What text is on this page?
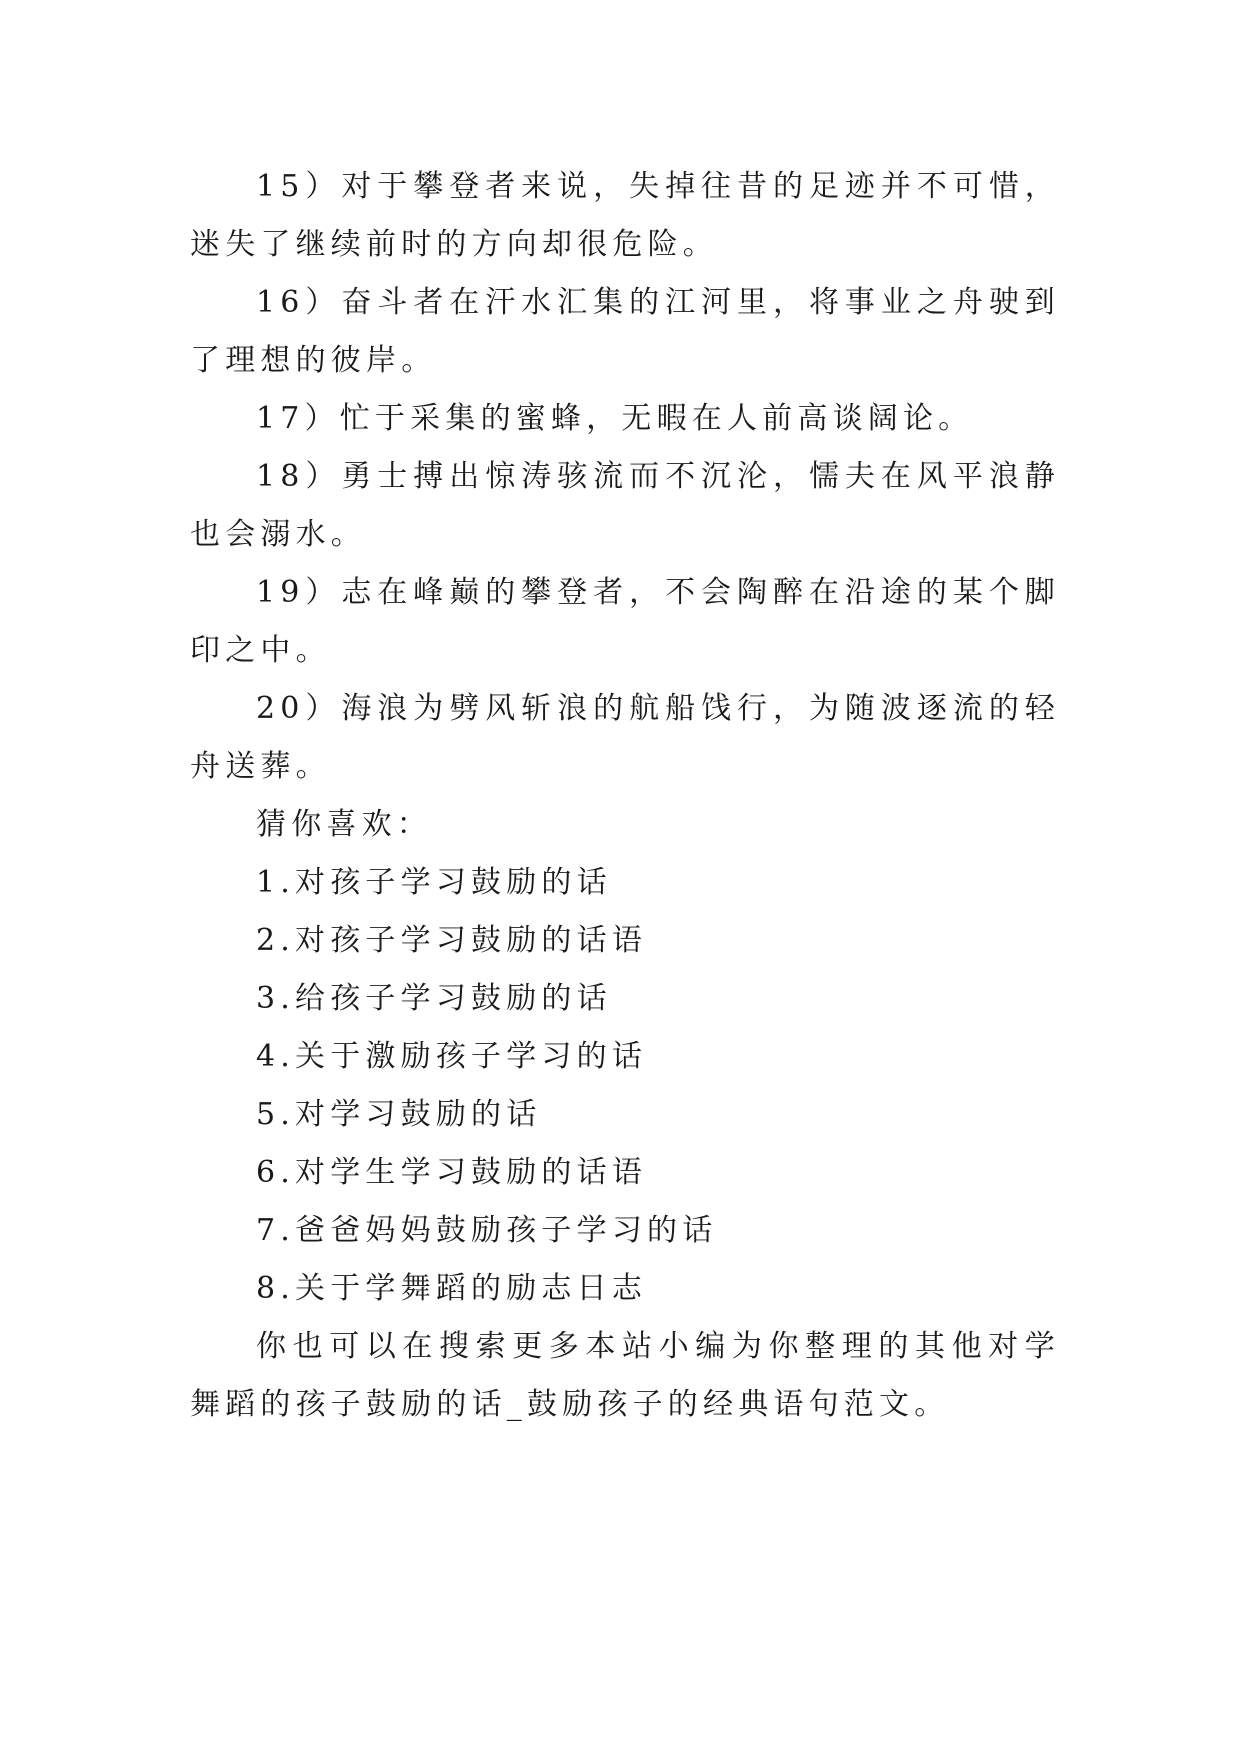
15）对于攀登者来说，失掉往昔的足迹并不可惜，迷失了继续前时的方向却很危险。

16）奋斗者在汗水汇集的江河里，将事业之舟驶到了理想的彼岸。

17）忙于采集的蜜蜂，无暇在人前高谈阔论。

18）勇士搏出惊涛骇流而不沉沦，懦夫在风平浪静也会溺水。

19）志在峰巅的攀登者，不会陶醉在沿途的某个脚印之中。

20）海浪为劈风斩浪的航船饯行，为随波逐流的轻舟送葬。

猜你喜欢：

1.对孩子学习鼓励的话

2.对孩子学习鼓励的话语

3.给孩子学习鼓励的话

4.关于激励孩子学习的话

5.对学习鼓励的话

6.对学生学习鼓励的话语

7.爸爸妈妈鼓励孩子学习的话

8.关于学舞蹈的励志日志

你也可以在搜索更多本站小编为你整理的其他对学舞蹈的孩子鼓励的话_鼓励孩子的经典语句范文。
